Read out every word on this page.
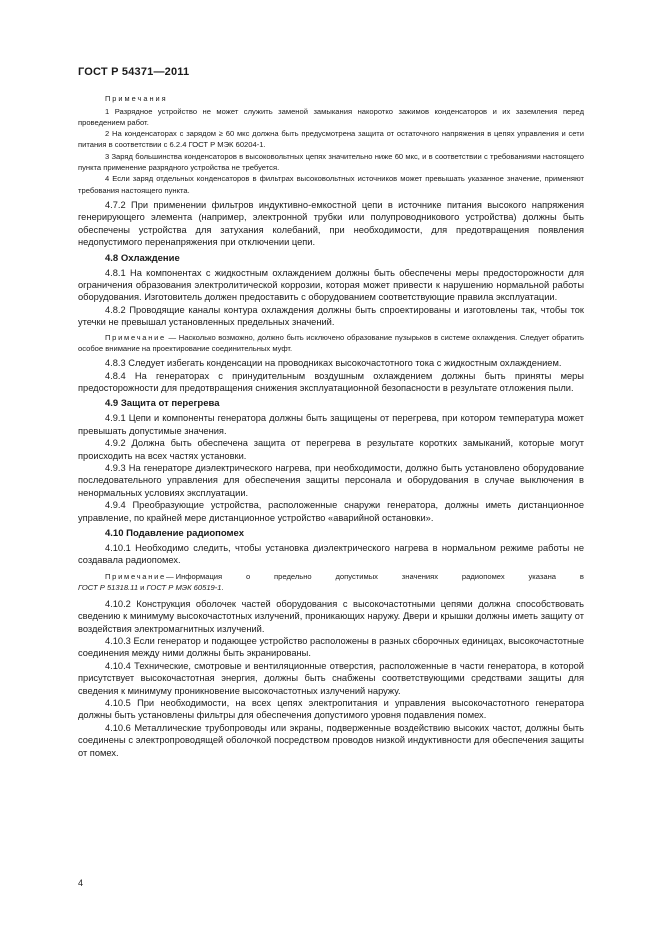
ГОСТ Р 54371—2011

Примечания

1 Разрядное устройство не может служить заменой замыкания накоротко зажимов конденсаторов и их заземления перед проведением работ.

2 На конденсаторах с зарядом ≥ 60 мкс должна быть предусмотрена защита от остаточного напряжения в цепях управления и сети питания в соответствии с 6.2.4 ГОСТ Р МЭК 60204-1.

3 Заряд большинства конденсаторов в высоковольтных цепях значительно ниже 60 мкс, и в соответствии с требованиями настоящего пункта применение разрядного устройства не требуется.

4 Если заряд отдельных конденсаторов в фильтрах высоковольтных источников может превышать указанное значение, применяют требования настоящего пункта.

4.7.2 При применении фильтров индуктивно-емкостной цепи в источнике питания высокого напряжения генерирующего элемента (например, электронной трубки или полупроводникового устройства) должны быть обеспечены устройства для затухания колебаний, при необходимости, для предотвращения появления недопустимого перенапряжения при отключении цепи.

4.8 Охлаждение

4.8.1 На компонентах с жидкостным охлаждением должны быть обеспечены меры предосторожности для ограничения образования электролитической коррозии, которая может привести к нарушению нормальной работы оборудования. Изготовитель должен предоставить с оборудованием соответствующие правила эксплуатации.

4.8.2 Проводящие каналы контура охлаждения должны быть спроектированы и изготовлены так, чтобы ток утечки не превышал установленных предельных значений.

Примечание — Насколько возможно, должно быть исключено образование пузырьков в системе охлаждения. Следует обратить особое внимание на проектирование соединительных муфт.

4.8.3 Следует избегать конденсации на проводниках высокочастотного тока с жидкостным охлаждением.

4.8.4 На генераторах с принудительным воздушным охлаждением должны быть приняты меры предосторожности для предотвращения снижения эксплуатационной безопасности в результате отложения пыли.

4.9 Защита от перегрева

4.9.1 Цепи и компоненты генератора должны быть защищены от перегрева, при котором температура может превышать допустимые значения.

4.9.2 Должна быть обеспечена защита от перегрева в результате коротких замыканий, которые могут происходить на всех частях установки.

4.9.3 На генераторе диэлектрического нагрева, при необходимости, должно быть установлено оборудование последовательного управления для обеспечения защиты персонала и оборудования в случае выключения в ненормальных условиях эксплуатации.

4.9.4 Преобразующие устройства, расположенные снаружи генератора, должны иметь дистанционное управление, по крайней мере дистанционное устройство «аварийной остановки».

4.10 Подавление радиопомех

4.10.1 Необходимо следить, чтобы установка диэлектрического нагрева в нормальном режиме работы не создавала радиопомех.

Примечание— Информация	о	предельно	допустимых	значениях	радиопомех	указана	в

ГОСТ Р 51318.11 и ГОСТ Р МЭК 60519-1.

4.10.2 Конструкция оболочек частей оборудования с высокочастотными цепями должна способствовать сведению к минимуму высокочастотных излучений, проникающих наружу. Двери и крышки должны иметь защиту от воздействия электромагнитных излучений.

4.10.3 Если генератор и подающее устройство расположены в разных сборочных единицах, высокочастотные соединения между ними должны быть экранированы.

4.10.4 Технические, смотровые и вентиляционные отверстия, расположенные в части генератора, в которой присутствует высокочастотная энергия, должны быть снабжены соответствующими средствами защиты для сведения к минимуму проникновение высокочастотных излучений наружу.

4.10.5 При необходимости, на всех цепях электропитания и управления высокочастотного генератора должны быть установлены фильтры для обеспечения допустимого уровня подавления помех.

4.10.6 Металлические трубопроводы или экраны, подверженные воздействию высоких частот, должны быть соединены с электропроводящей оболочкой посредством проводов низкой индуктивности для обеспечения защиты от помех.

4
